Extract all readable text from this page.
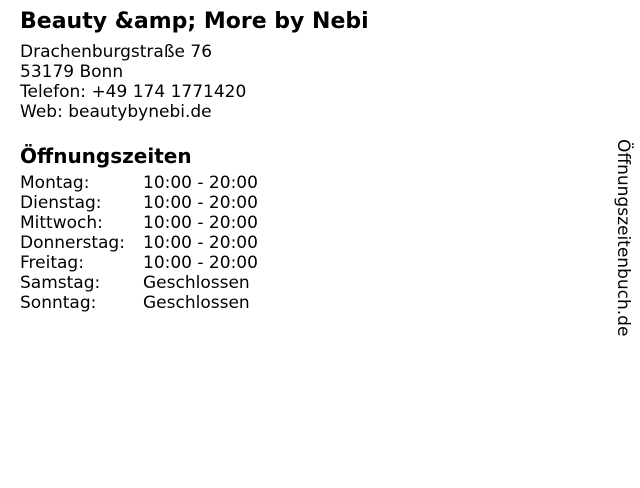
Beauty &amp; More by Nebi

Drachenburgstraße 76
53179 Bonn
Telefon: +49 174 1771420
Web: beautybynebi.de

Öffnungszeiten
Montag:	10:00 - 20:00
Dienstag:	10:00 - 20:00
Mittwoch:	10:00 - 20:00
Donnerstag:	10:00 - 20:00
Freitag:	10:00 - 20:00
Samstag:	Geschlossen
Sonntag:	Geschlossen	Öffnungszeitenbuch.de
